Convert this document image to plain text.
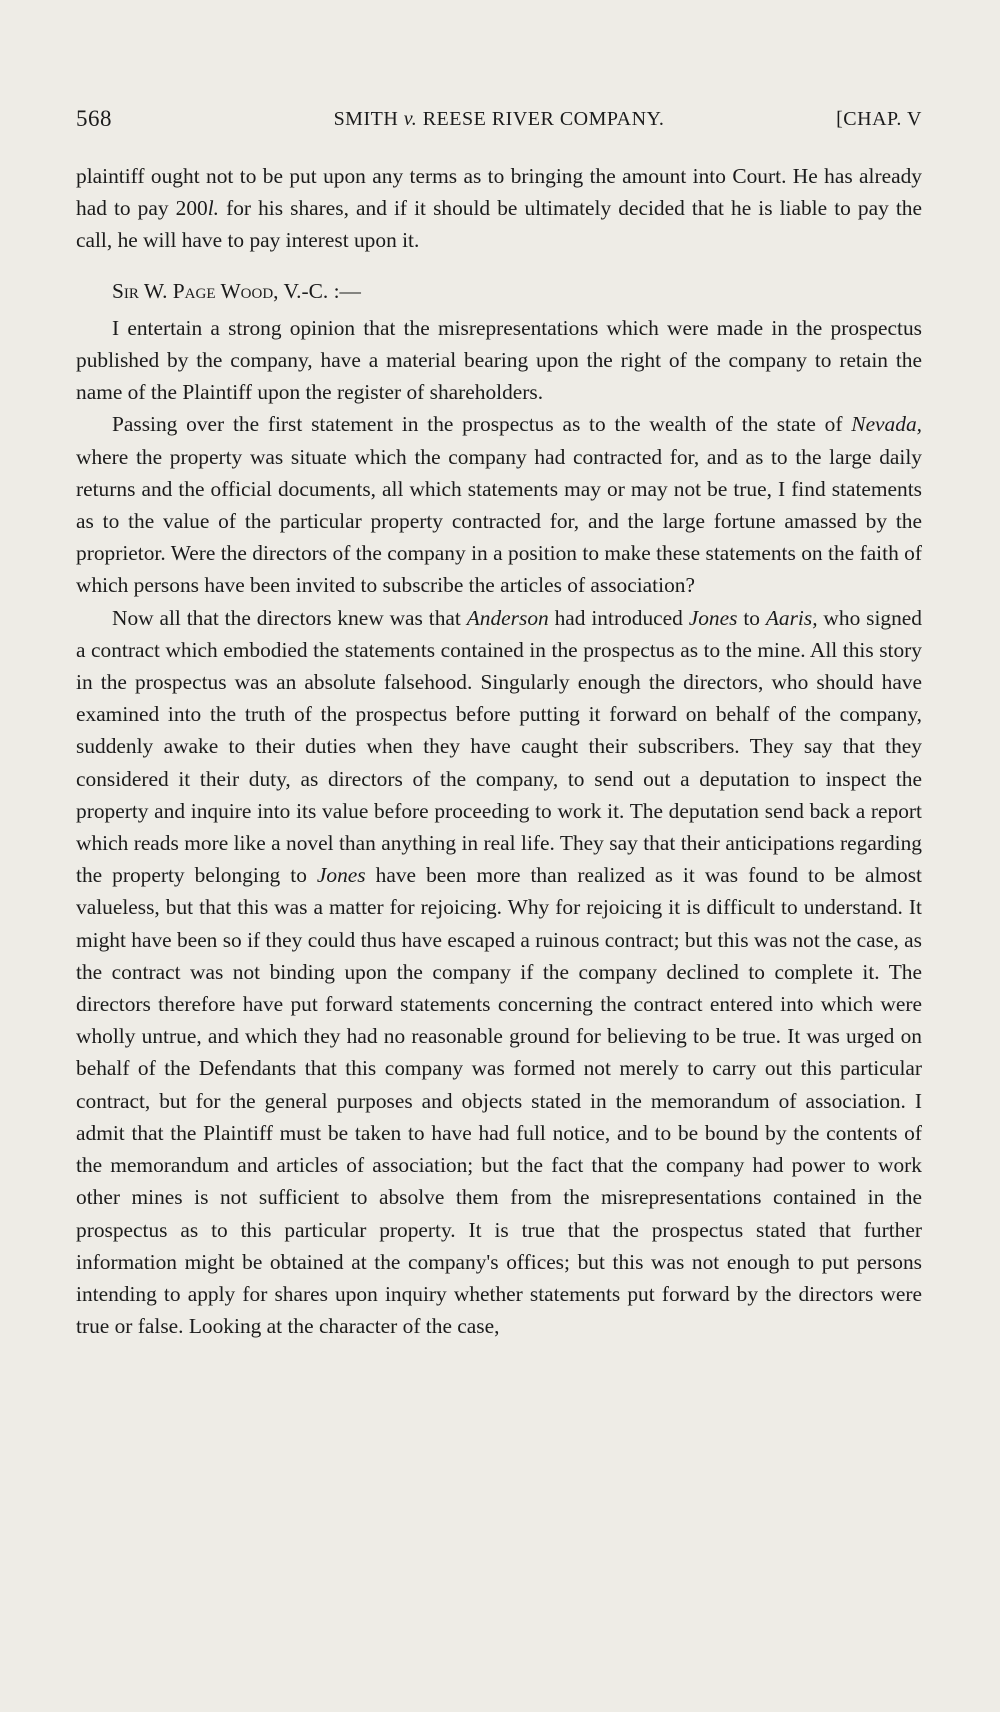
568	SMITH v. REESE RIVER COMPANY.	[CHAP. V

plaintiff ought not to be put upon any terms as to bringing the amount into Court. He has already had to pay 200l. for his shares, and if it should be ultimately decided that he is liable to pay the call, he will have to pay interest upon it.

Sir W. Page Wood, V.-C. :—

I entertain a strong opinion that the misrepresentations which were made in the prospectus published by the company, have a material bearing upon the right of the company to retain the name of the Plaintiff upon the register of shareholders.

Passing over the first statement in the prospectus as to the wealth of the state of Nevada, where the property was situate which the company had contracted for, and as to the large daily returns and the official documents, all which statements may or may not be true, I find statements as to the value of the particular property contracted for, and the large fortune amassed by the proprietor. Were the directors of the company in a position to make these statements on the faith of which persons have been invited to subscribe the articles of association?

Now all that the directors knew was that Anderson had introduced Jones to Aaris, who signed a contract which embodied the statements contained in the prospectus as to the mine. All this story in the prospectus was an absolute falsehood. Singularly enough the directors, who should have examined into the truth of the prospectus before putting it forward on behalf of the company, suddenly awake to their duties when they have caught their subscribers. They say that they considered it their duty, as directors of the company, to send out a deputation to inspect the property and inquire into its value before proceeding to work it. The deputation send back a report which reads more like a novel than anything in real life. They say that their anticipations regarding the property belonging to Jones have been more than realized as it was found to be almost valueless, but that this was a matter for rejoicing. Why for rejoicing it is difficult to understand. It might have been so if they could thus have escaped a ruinous contract; but this was not the case, as the contract was not binding upon the company if the company declined to complete it. The directors therefore have put forward statements concerning the contract entered into which were wholly untrue, and which they had no reasonable ground for believing to be true. It was urged on behalf of the Defendants that this company was formed not merely to carry out this particular contract, but for the general purposes and objects stated in the memorandum of association. I admit that the Plaintiff must be taken to have had full notice, and to be bound by the contents of the memorandum and articles of association; but the fact that the company had power to work other mines is not sufficient to absolve them from the misrepresentations contained in the prospectus as to this particular property. It is true that the prospectus stated that further information might be obtained at the company's offices; but this was not enough to put persons intending to apply for shares upon inquiry whether statements put forward by the directors were true or false. Looking at the character of the case,
